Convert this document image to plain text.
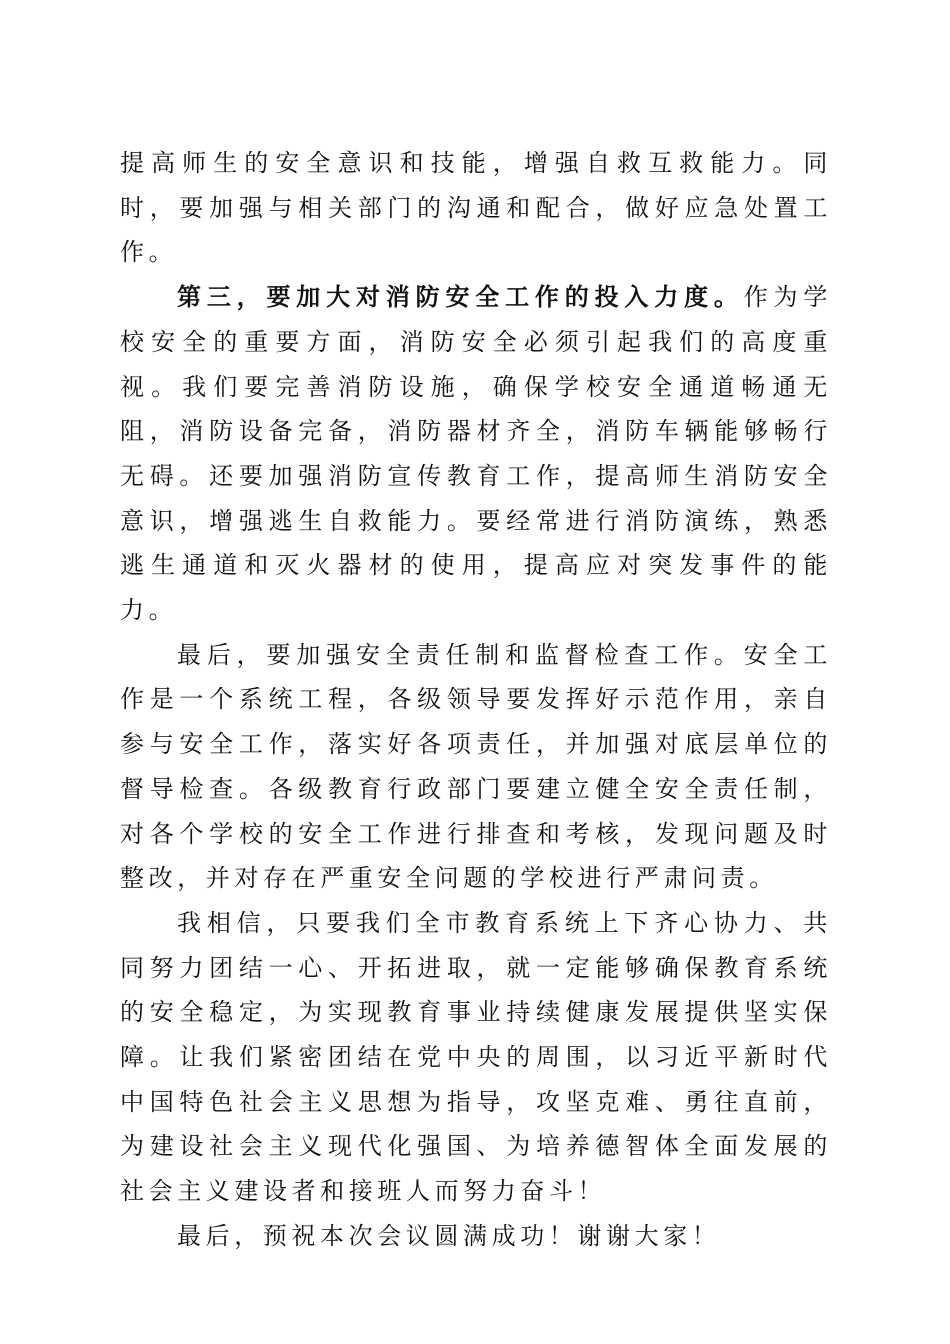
提高师生的安全意识和技能，增强自救互救能力。同时，要加强与相关部门的沟通和配合，做好应急处置工作。

第三，要加大对消防安全工作的投入力度。作为学校安全的重要方面，消防安全必须引起我们的高度重视。我们要完善消防设施，确保学校安全通道畅通无阻，消防设备完备，消防器材齐全，消防车辆能够畅行无碍。还要加强消防宣传教育工作，提高师生消防安全意识，增强逃生自救能力。要经常进行消防演练，熟悉逃生通道和灭火器材的使用，提高应对突发事件的能力。

最后，要加强安全责任制和监督检查工作。安全工作是一个系统工程，各级领导要发挥好示范作用，亲自参与安全工作，落实好各项责任，并加强对底层单位的督导检查。各级教育行政部门要建立健全安全责任制，对各个学校的安全工作进行排查和考核，发现问题及时整改，并对存在严重安全问题的学校进行严肃问责。

我相信，只要我们全市教育系统上下齐心协力、共同努力团结一心、开拓进取，就一定能够确保教育系统的安全稳定，为实现教育事业持续健康发展提供坚实保障。让我们紧密团结在党中央的周围，以习近平新时代中国特色社会主义思想为指导，攻坚克难、勇往直前，为建设社会主义现代化强国、为培养德智体全面发展的社会主义建设者和接班人而努力奋斗！

最后，预祝本次会议圆满成功！谢谢大家！
